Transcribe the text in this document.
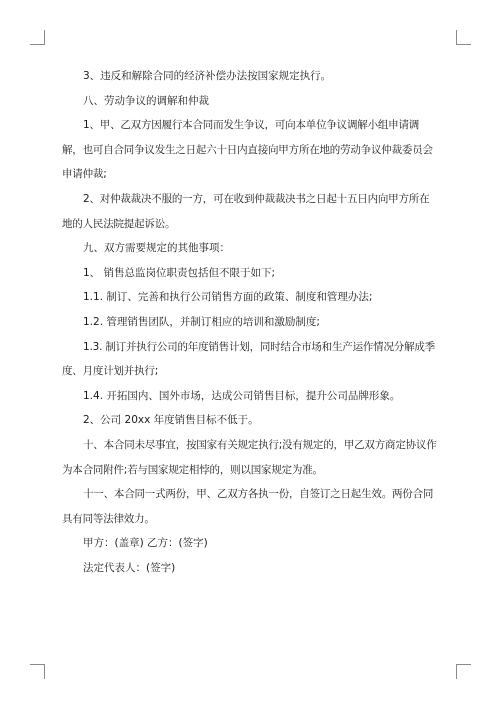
3、违反和解除合同的经济补偿办法按国家规定执行。

八、劳动争议的调解和仲裁

1、甲、乙双方因履行本合同而发生争议，可向本单位争议调解小组申请调解，也可自合同争议发生之日起六十日内直接向甲方所在地的劳动争议仲裁委员会申请仲裁;

2、对仲裁裁决不服的一方，可在收到仲裁裁决书之日起十五日内向甲方所在地的人民法院提起诉讼。

九、双方需要规定的其他事项：

1、 销售总监岗位职责包括但不限于如下;

1.1. 制订、完善和执行公司销售方面的政策、制度和管理办法;

1.2. 管理销售团队，并制订相应的培训和激励制度;

1.3. 制订并执行公司的年度销售计划，同时结合市场和生产运作情况分解成季度、月度计划并执行;

1.4. 开拓国内、国外市场，达成公司销售目标，提升公司品牌形象。

2、公司 20xx 年度销售目标不低于。

十、本合同未尽事宜，按国家有关规定执行;没有规定的，甲乙双方商定协议作为本合同附件;若与国家规定相悖的，则以国家规定为准。

十一、本合同一式两份，甲、乙双方各执一份，自签订之日起生效。两份合同具有同等法律效力。

甲方：(盖章) 乙方：(签字)

法定代表人：(签字)
